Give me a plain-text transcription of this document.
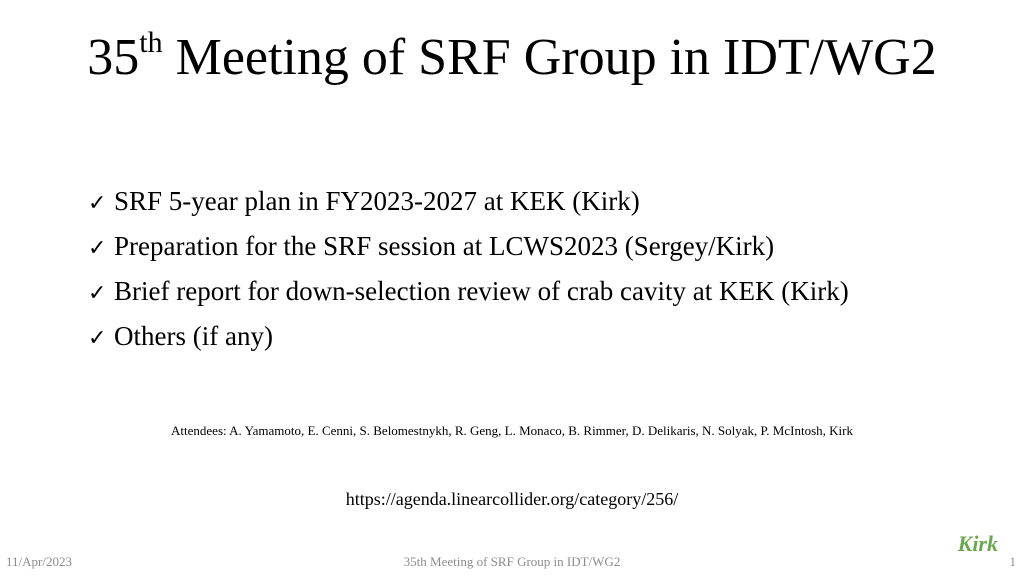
35th Meeting of SRF Group in IDT/WG2
✓ SRF 5-year plan in FY2023-2027 at KEK (Kirk)
✓ Preparation for the SRF session at LCWS2023 (Sergey/Kirk)
✓ Brief report for down-selection review of crab cavity at KEK (Kirk)
✓ Others (if any)
Attendees: A. Yamamoto, E. Cenni, S. Belomestnykh, R. Geng, L. Monaco, B. Rimmer, D. Delikaris, N. Solyak, P. McIntosh, Kirk
https://agenda.linearcollider.org/category/256/
11/Apr/2023	35th Meeting of SRF Group in IDT/WG2
Kirk
1
